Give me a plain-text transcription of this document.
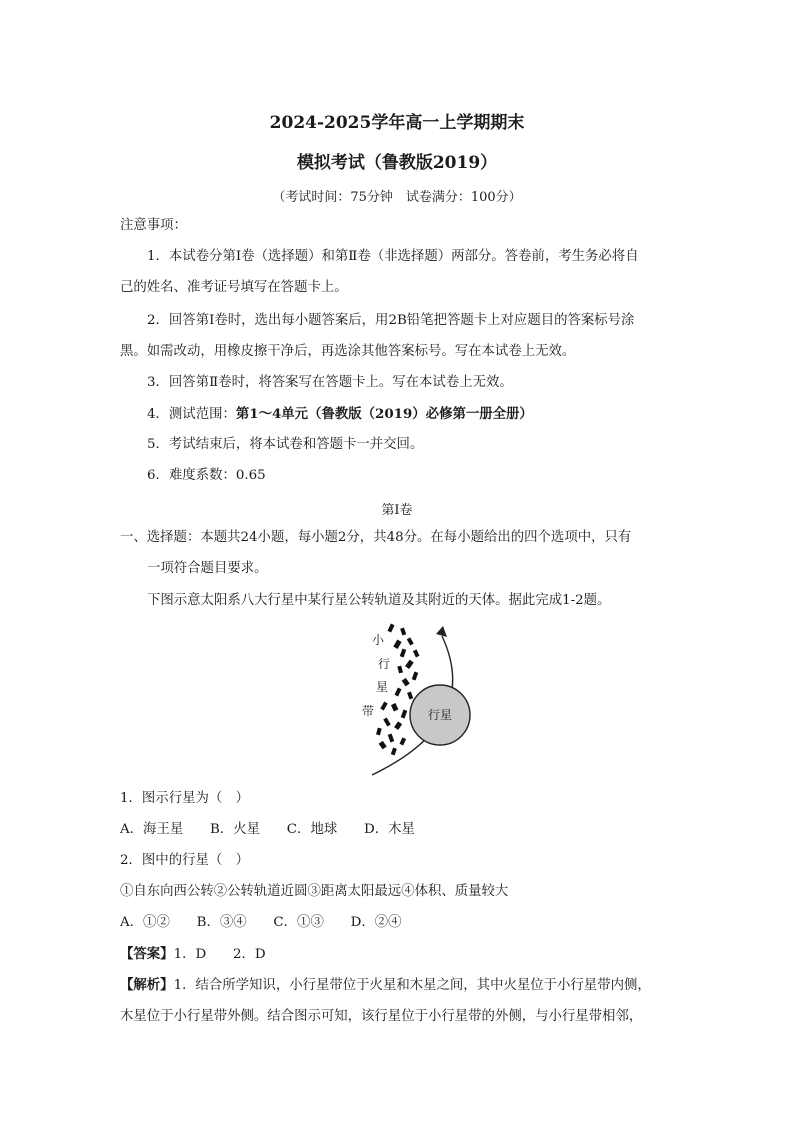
2024-2025学年高一上学期期末
模拟考试（鲁教版2019）
（考试时间：75分钟　试卷满分：100分）
注意事项：
1．本试卷分第Ⅰ卷（选择题）和第Ⅱ卷（非选择题）两部分。答卷前，考生务必将自
己的姓名、准考证号填写在答题卡上。
2．回答第Ⅰ卷时，选出每小题答案后，用2B铅笔把答题卡上对应题目的答案标号涂
黑。如需改动，用橡皮擦干净后，再选涂其他答案标号。写在本试卷上无效。
3．回答第Ⅱ卷时，将答案写在答题卡上。写在本试卷上无效。
4．测试范围：第1～4单元（鲁教版（2019）必修第一册全册）
5．考试结束后，将本试卷和答题卡一并交回。
6．难度系数：0.65
第Ⅰ卷
一、选择题：本题共24小题，每小题2分，共48分。在每小题给出的四个选项中，只有
一项符合题目要求。
下图示意太阳系八大行星中某行星公转轨道及其附近的天体。据此完成1-2题。
行星
小
行
星
带
1．图示行星为（　）
A．海王星　　B．火星　　C．地球　　D．木星
2．图中的行星（　）
①自东向西公转②公转轨道近圆③距离太阳最远④体积、质量较大
A．①②　　B．③④　　C．①③　　D．②④
【答案】1．D　　2．D
【解析】1．结合所学知识，小行星带位于火星和木星之间，其中火星位于小行星带内侧，
木星位于小行星带外侧。结合图示可知，该行星位于小行星带的外侧，与小行星带相邻，
